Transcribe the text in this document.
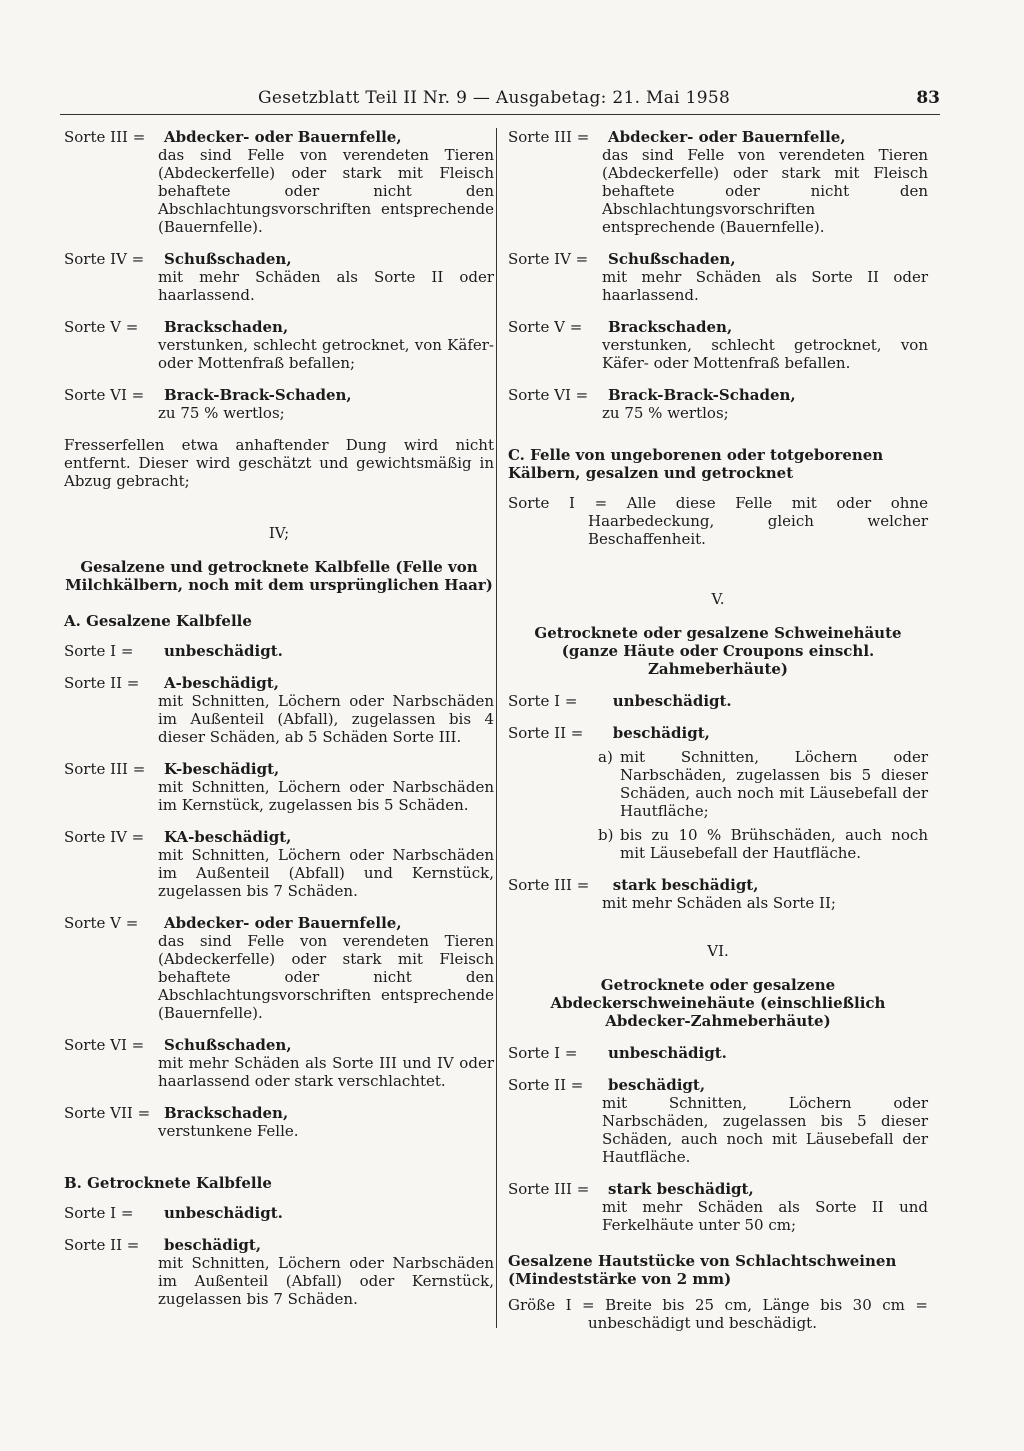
Gesetzblatt Teil II Nr. 9 — Ausgabetag: 21. Mai 1958	83
Sorte III = Abdecker- oder Bauernfelle,
das sind Felle von verendeten Tieren (Abdeckerfelle) oder stark mit Fleisch behaftete oder nicht den Abschlachtungsvorschriften entsprechende (Bauernfelle).
Sorte IV = Schußschaden,
mit mehr Schäden als Sorte II oder haarlassend.
Sorte V = Brackschaden,
verstunken, schlecht getrocknet, von Käfer- oder Mottenfraß befallen;
Sorte VI = Brack-Brack-Schaden,
zu 75 % wertlos;
Fresserfellen etwa anhaftender Dung wird nicht entfernt. Dieser wird geschätzt und gewichtsmäßig in Abzug gebracht;
IV;
Gesalzene und getrocknete Kalbfelle (Felle von Milchkälbern, noch mit dem ursprünglichen Haar)
A. Gesalzene Kalbfelle
Sorte I = unbeschädigt.
Sorte II = A-beschädigt,
mit Schnitten, Löchern oder Narbschäden im Außenteil (Abfall), zugelassen bis 4 dieser Schäden, ab 5 Schäden Sorte III.
Sorte III = K-beschädigt,
mit Schnitten, Löchern oder Narbschäden im Kernstück, zugelassen bis 5 Schäden.
Sorte IV = KA-beschädigt,
mit Schnitten, Löchern oder Narbschäden im Außenteil (Abfall) und Kernstück, zugelassen bis 7 Schäden.
Sorte V = Abdecker- oder Bauernfelle,
das sind Felle von verendeten Tieren (Abdeckerfelle) oder stark mit Fleisch behaftete oder nicht den Abschlachtungsvorschriften entsprechende (Bauernfelle).
Sorte VI = Schußschaden,
mit mehr Schäden als Sorte III und IV oder haarlassend oder stark verschlachtet.
Sorte VII = Brackschaden,
verstunkene Felle.
B. Getrocknete Kalbfelle
Sorte I = unbeschädigt.
Sorte II = beschädigt,
mit Schnitten, Löchern oder Narbschäden im Außenteil (Abfall) oder Kernstück, zugelassen bis 7 Schäden.
Sorte III = Abdecker- oder Bauernfelle,
das sind Felle von verendeten Tieren (Abdeckerfelle) oder stark mit Fleisch behaftete oder nicht den Abschlachtungsvorschriften entsprechende (Bauernfelle).
Sorte IV = Schußschaden,
mit mehr Schäden als Sorte II oder haarlassend.
Sorte V = Brackschaden,
verstunken, schlecht getrocknet, von Käfer- oder Mottenfraß befallen.
Sorte VI = Brack-Brack-Schaden,
zu 75 % wertlos;
C. Felle von ungeborenen oder totgeborenen Kälbern, gesalzen und getrocknet
Sorte I = Alle diese Felle mit oder ohne Haarbedeckung, gleich welcher Beschaffenheit.
V.
Getrocknete oder gesalzene Schweinehäute (ganze Häute oder Croupons einschl. Zahmeberhäute)
Sorte I = unbeschädigt.
Sorte II = beschädigt,
a) mit Schnitten, Löchern oder Narbschäden, zugelassen bis 5 dieser Schäden, auch noch mit Läusebefall der Hautfläche;
b) bis zu 10 % Brühschäden, auch noch mit Läusebefall der Hautfläche.
Sorte III = stark beschädigt,
mit mehr Schäden als Sorte II;
VI.
Getrocknete oder gesalzene Abdeckerschweinehäute (einschließlich Abdecker-Zahmeberhäute)
Sorte I = unbeschädigt.
Sorte II = beschädigt,
mit Schnitten, Löchern oder Narbschäden, zugelassen bis 5 dieser Schäden, auch noch mit Läusebefall der Hautfläche.
Sorte III = stark beschädigt,
mit mehr Schäden als Sorte II und Ferkelhäute unter 50 cm;
Gesalzene Hautstücke von Schlachtschweinen (Mindeststärke von 2 mm)
Größe I = Breite bis 25 cm, Länge bis 30 cm = unbeschädigt und beschädigt.
